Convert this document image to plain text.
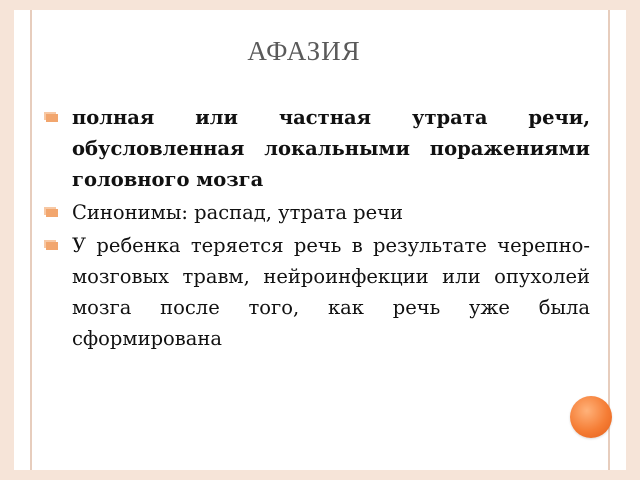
АФАЗИЯ
полная или частная утрата речи, обусловленная локальными поражениями головного мозга
Синонимы: распад, утрата речи
У ребенка теряется речь в результате черепно-мозговых травм, нейроинфекции или опухолей мозга после того, как речь уже была сформирована
